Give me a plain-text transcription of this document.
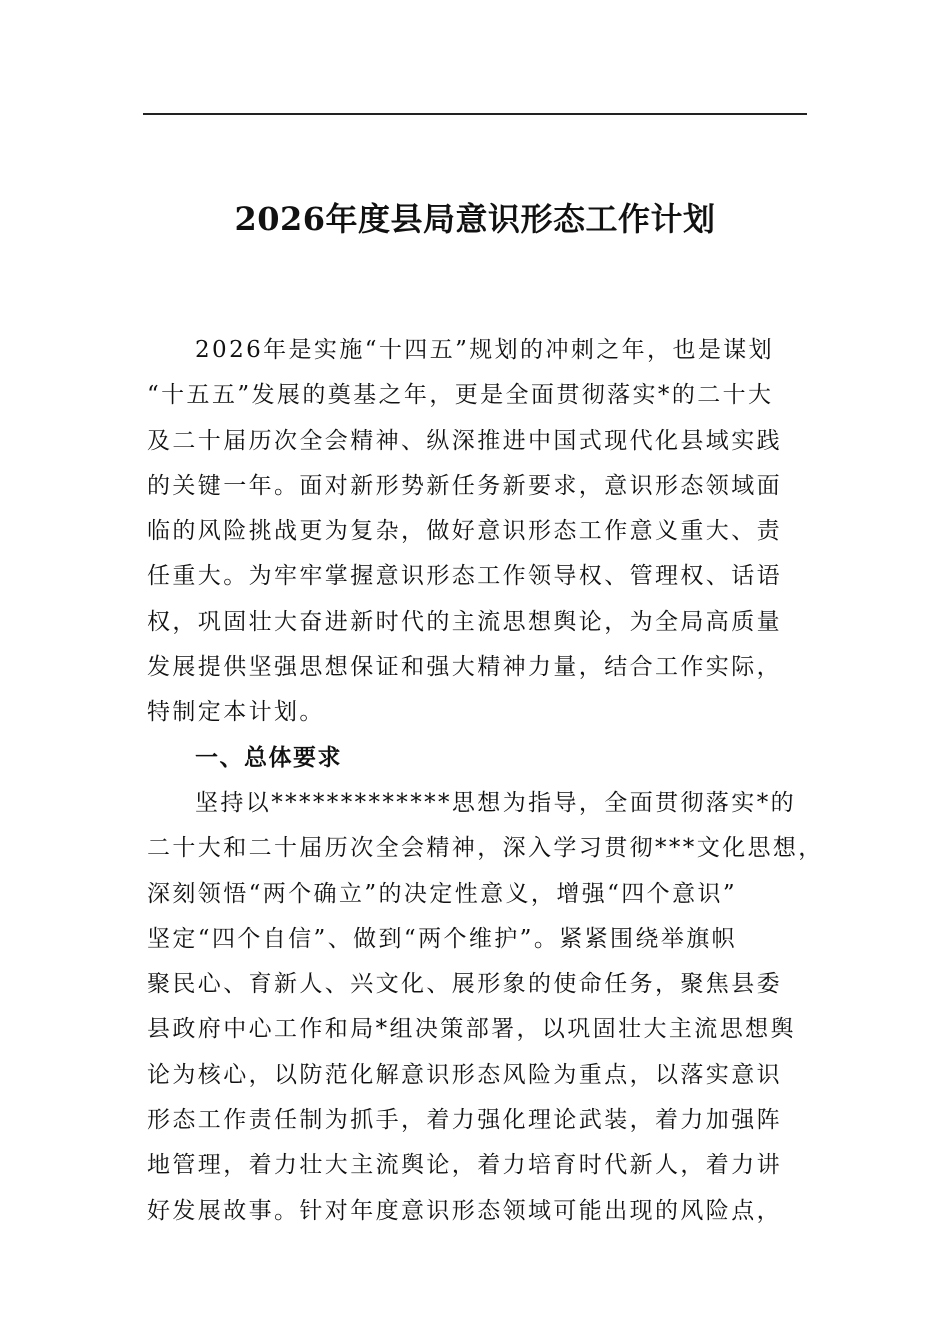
2026年度县局意识形态工作计划
2026年是实施“十四五”规划的冲刺之年，也是谋划
“十五五”发展的奠基之年，更是全面贯彻落实*的二十大
及二十届历次全会精神、纵深推进中国式现代化县域实践
的关键一年。面对新形势新任务新要求，意识形态领域面
临的风险挑战更为复杂，做好意识形态工作意义重大、责
任重大。为牢牢掌握意识形态工作领导权、管理权、话语
权，巩固壮大奋进新时代的主流思想舆论，为全局高质量
发展提供坚强思想保证和强大精神力量，结合工作实际，
特制定本计划。
一、总体要求
坚持以*************思想为指导，全面贯彻落实*的
二十大和二十届历次全会精神，深入学习贯彻***文化思想，
深刻领悟“两个确立”的决定性意义，增强“四个意识”
坚定“四个自信”、做到“两个维护”。紧紧围绕举旗帜
聚民心、育新人、兴文化、展形象的使命任务，聚焦县委
县政府中心工作和局*组决策部署，以巩固壮大主流思想舆
论为核心，以防范化解意识形态风险为重点，以落实意识
形态工作责任制为抓手，着力强化理论武装，着力加强阵
地管理，着力壮大主流舆论，着力培育时代新人，着力讲
好发展故事。针对年度意识形态领域可能出现的风险点，
